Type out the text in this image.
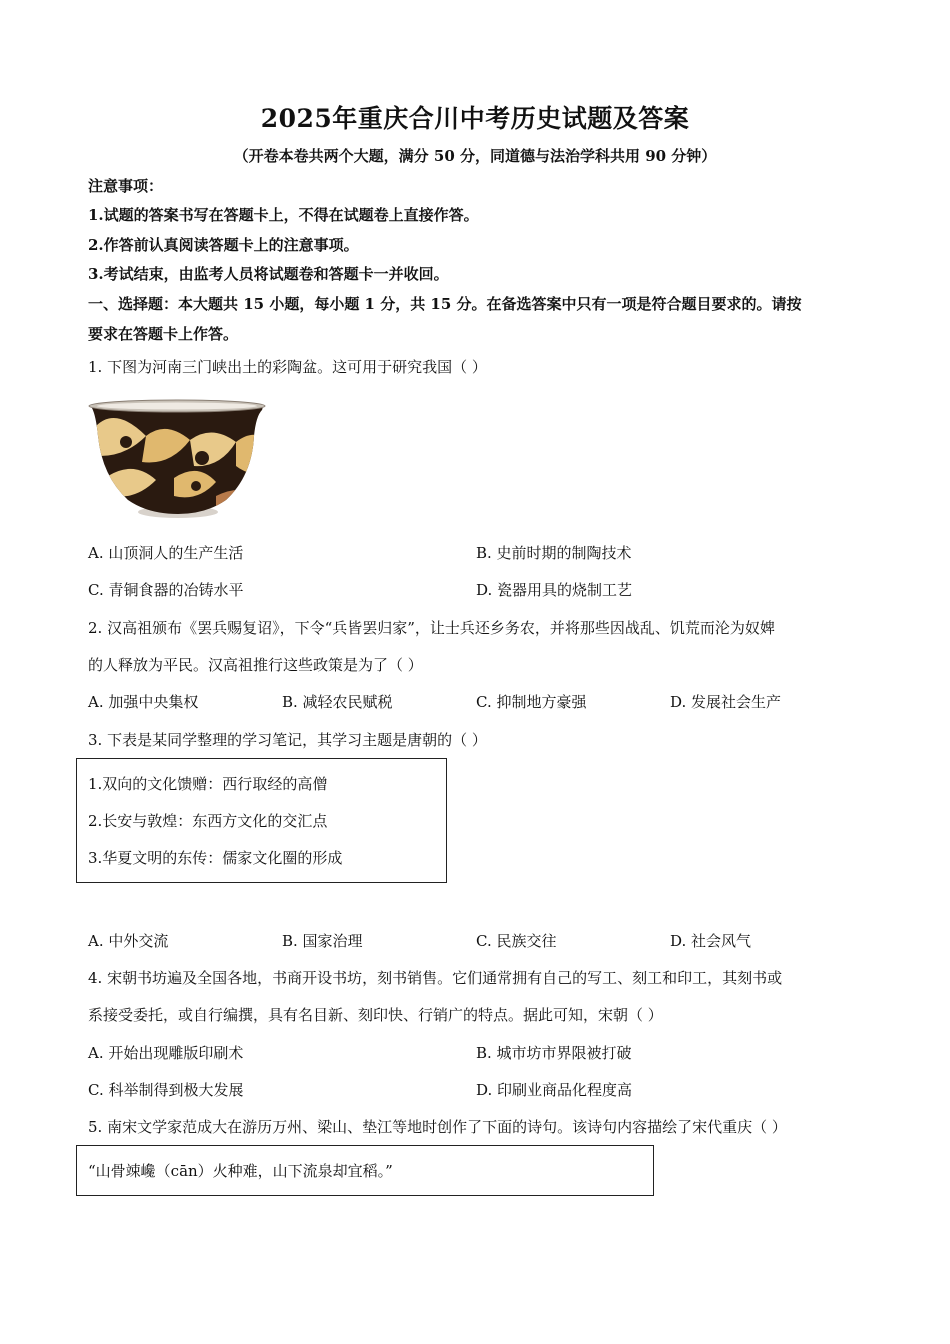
2025年重庆合川中考历史试题及答案
（开卷本卷共两个大题，满分 50 分，同道德与法治学科共用 90 分钟）
注意事项：
1.试题的答案书写在答题卡上，不得在试题卷上直接作答。
2.作答前认真阅读答题卡上的注意事项。
3.考试结束，由监考人员将试题卷和答题卡一并收回。
一、选择题：本大题共 15 小题，每小题 1 分，共 15 分。在备选答案中只有一项是符合题目要求的。请按
要求在答题卡上作答。
1. 下图为河南三门峡出土的彩陶盆。这可用于研究我国（ ）
A. 山顶洞人的生产生活	B. 史前时期的制陶技术
C. 青铜食器的冶铸水平	D. 瓷器用具的烧制工艺
2. 汉高祖颁布《罢兵赐复诏》，下令“兵皆罢归家”，让士兵还乡务农，并将那些因战乱、饥荒而沦为奴婢
的人释放为平民。汉高祖推行这些政策是为了（ ）
A. 加强中央集权	B. 减轻农民赋税	C. 抑制地方豪强	D. 发展社会生产
3. 下表是某同学整理的学习笔记，其学习主题是唐朝的（ ）
1.双向的文化馈赠：西行取经的高僧
2.长安与敦煌：东西方文化的交汇点
3.华夏文明的东传：儒家文化圈的形成
A. 中外交流	B. 国家治理	C. 民族交往	D. 社会风气
4. 宋朝书坊遍及全国各地，书商开设书坊，刻书销售。它们通常拥有自己的写工、刻工和印工，其刻书或
系接受委托，或自行编撰，具有名目新、刻印快、行销广的特点。据此可知，宋朝（ ）
A. 开始出现雕版印刷术	B. 城市坊市界限被打破
C. 科举制得到极大发展	D. 印刷业商品化程度高
5. 南宋文学家范成大在游历万州、梁山、垫江等地时创作了下面的诗句。该诗句内容描绘了宋代重庆（ ）
“山骨竦巉（cān）火种难，山下流泉却宜稻。”
